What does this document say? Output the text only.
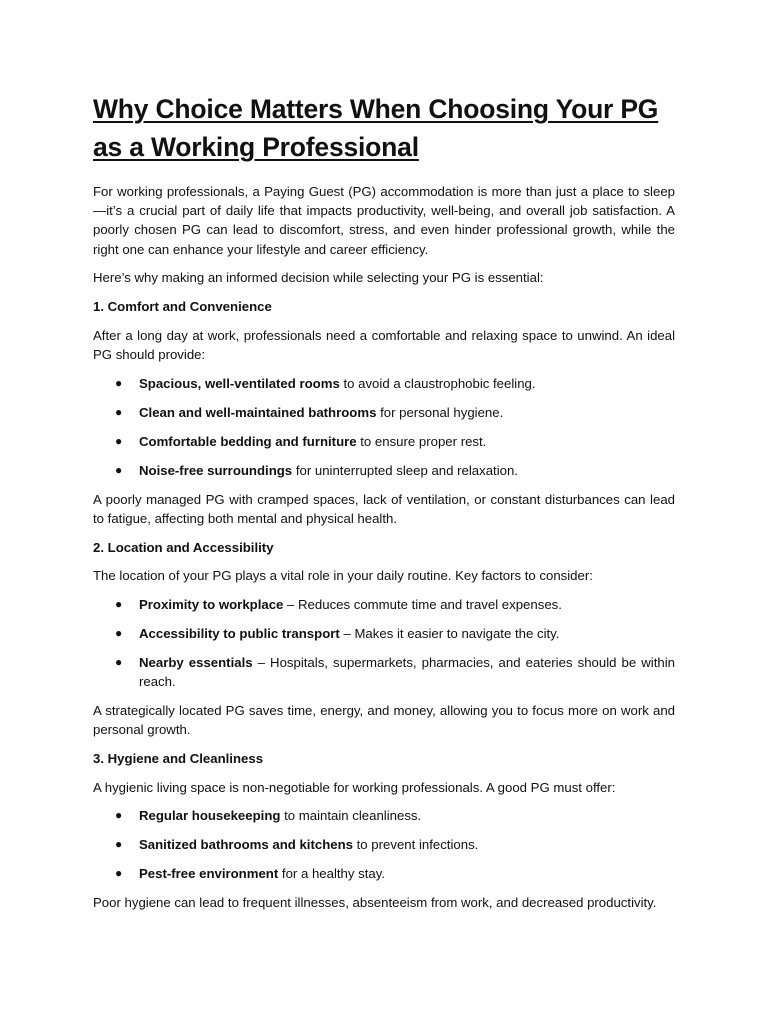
Why Choice Matters When Choosing Your PG as a Working Professional

For working professionals, a Paying Guest (PG) accommodation is more than just a place to sleep—it’s a crucial part of daily life that impacts productivity, well-being, and overall job satisfaction. A poorly chosen PG can lead to discomfort, stress, and even hinder professional growth, while the right one can enhance your lifestyle and career efficiency.

Here’s why making an informed decision while selecting your PG is essential:

1. Comfort and Convenience

After a long day at work, professionals need a comfortable and relaxing space to unwind. An ideal PG should provide:

● Spacious, well-ventilated rooms to avoid a claustrophobic feeling.
● Clean and well-maintained bathrooms for personal hygiene.
● Comfortable bedding and furniture to ensure proper rest.
● Noise-free surroundings for uninterrupted sleep and relaxation.

A poorly managed PG with cramped spaces, lack of ventilation, or constant disturbances can lead to fatigue, affecting both mental and physical health.

2. Location and Accessibility

The location of your PG plays a vital role in your daily routine. Key factors to consider:

● Proximity to workplace – Reduces commute time and travel expenses.
● Accessibility to public transport – Makes it easier to navigate the city.
● Nearby essentials – Hospitals, supermarkets, pharmacies, and eateries should be within reach.

A strategically located PG saves time, energy, and money, allowing you to focus more on work and personal growth.

3. Hygiene and Cleanliness

A hygienic living space is non-negotiable for working professionals. A good PG must offer:

● Regular housekeeping to maintain cleanliness.
● Sanitized bathrooms and kitchens to prevent infections.
● Pest-free environment for a healthy stay.

Poor hygiene can lead to frequent illnesses, absenteeism from work, and decreased productivity.
